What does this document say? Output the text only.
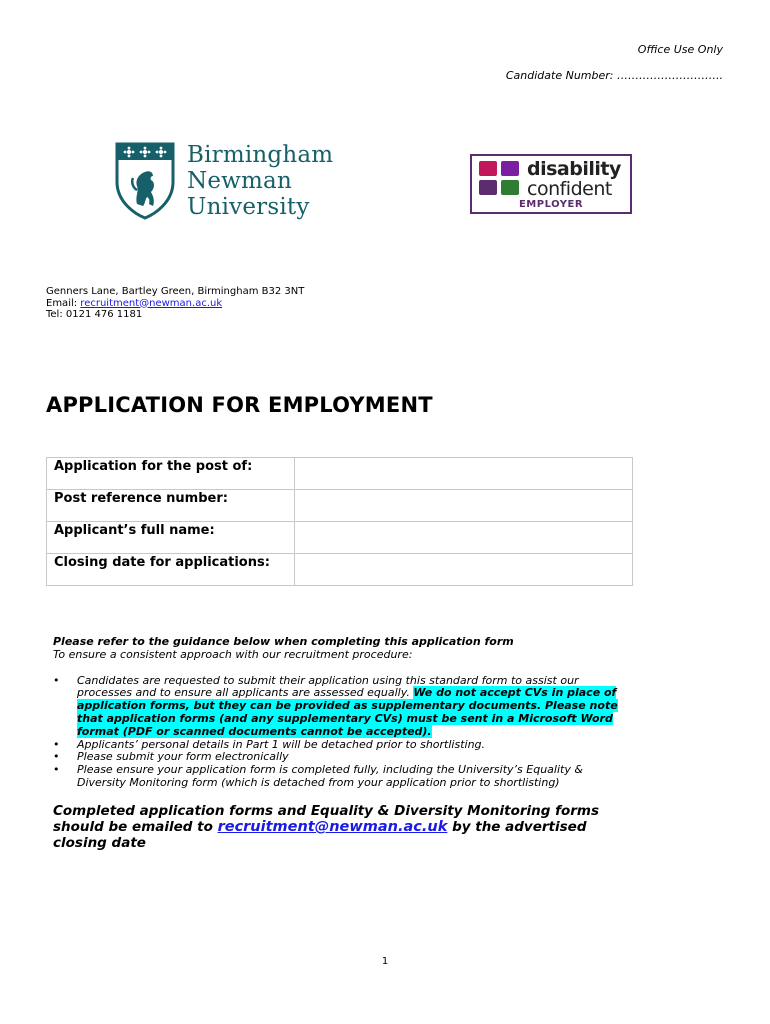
Office Use Only
Candidate Number: ………………………..
Birmingham
Newman
University
disability
confident
EMPLOYER
Genners Lane, Bartley Green, Birmingham B32 3NT
Email: recruitment@newman.ac.uk
Tel: 0121 476 1181
APPLICATION FOR EMPLOYMENT
Application for the post of:	
Post reference number:	
Applicant’s full name:	
Closing date for applications:	
Please refer to the guidance below when completing this application form
To ensure a consistent approach with our recruitment procedure:
• Candidates are requested to submit their application using this standard form to assist our processes and to ensure all applicants are assessed equally. We do not accept CVs in place of application forms, but they can be provided as supplementary documents. Please note that application forms (and any supplementary CVs) must be sent in a Microsoft Word format (PDF or scanned documents cannot be accepted).
• Applicants’ personal details in Part 1 will be detached prior to shortlisting.
• Please submit your form electronically
• Please ensure your application form is completed fully, including the University’s Equality & Diversity Monitoring form (which is detached from your application prior to shortlisting)
Completed application forms and Equality & Diversity Monitoring forms should be emailed to recruitment@newman.ac.uk by the advertised closing date
1
